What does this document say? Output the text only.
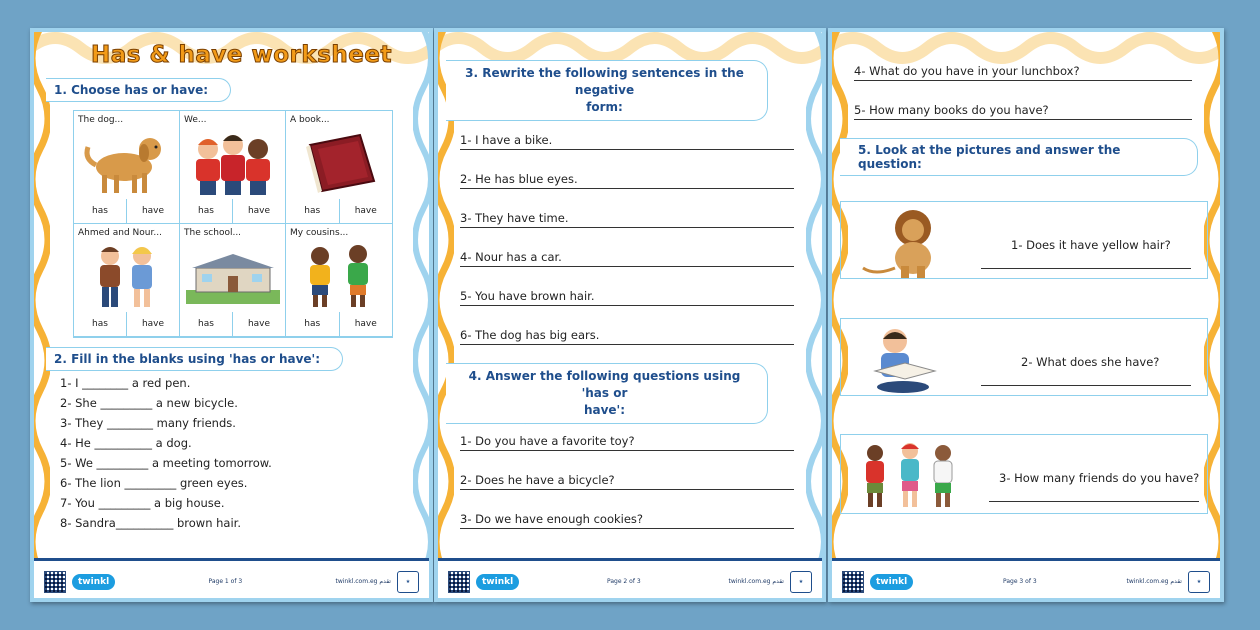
Has & have worksheet
1. Choose has or have:
The dog...
has	have
We...
has	have
A book...
has	have
Ahmed and Nour...
has	have
The school...
has	have
My cousins...
has	have
2. Fill in the blanks using 'has or have':
1- I ________ a red pen.
2- She _________ a new bicycle.
3- They ________ many friends.
4- He __________ a dog.
5- We _________ a meeting tomorrow.
6- The lion _________ green eyes.
7- You _________ a big house.
8- Sandra__________ brown hair.
twinkl	Page 1 of 3	twinkl.com.eg تقدم	★
3. Rewrite the following sentences in the negative
form:
1- I have a bike.
2- He has blue eyes.
3- They have time.
4- Nour has a car.
5- You have brown hair.
6- The dog has big ears.
4. Answer the following questions using 'has or
have':
1- Do you have a favorite toy?
2- Does he have a bicycle?
3- Do we have enough cookies?
twinkl	Page 2 of 3	twinkl.com.eg تقدم	★
4- What do you have in your lunchbox?
5- How many books do you have?
5. Look at the pictures and answer the question:
1- Does it have yellow hair?
2- What does she have?
3- How many friends do you have?
twinkl	Page 3 of 3	twinkl.com.eg تقدم	★
